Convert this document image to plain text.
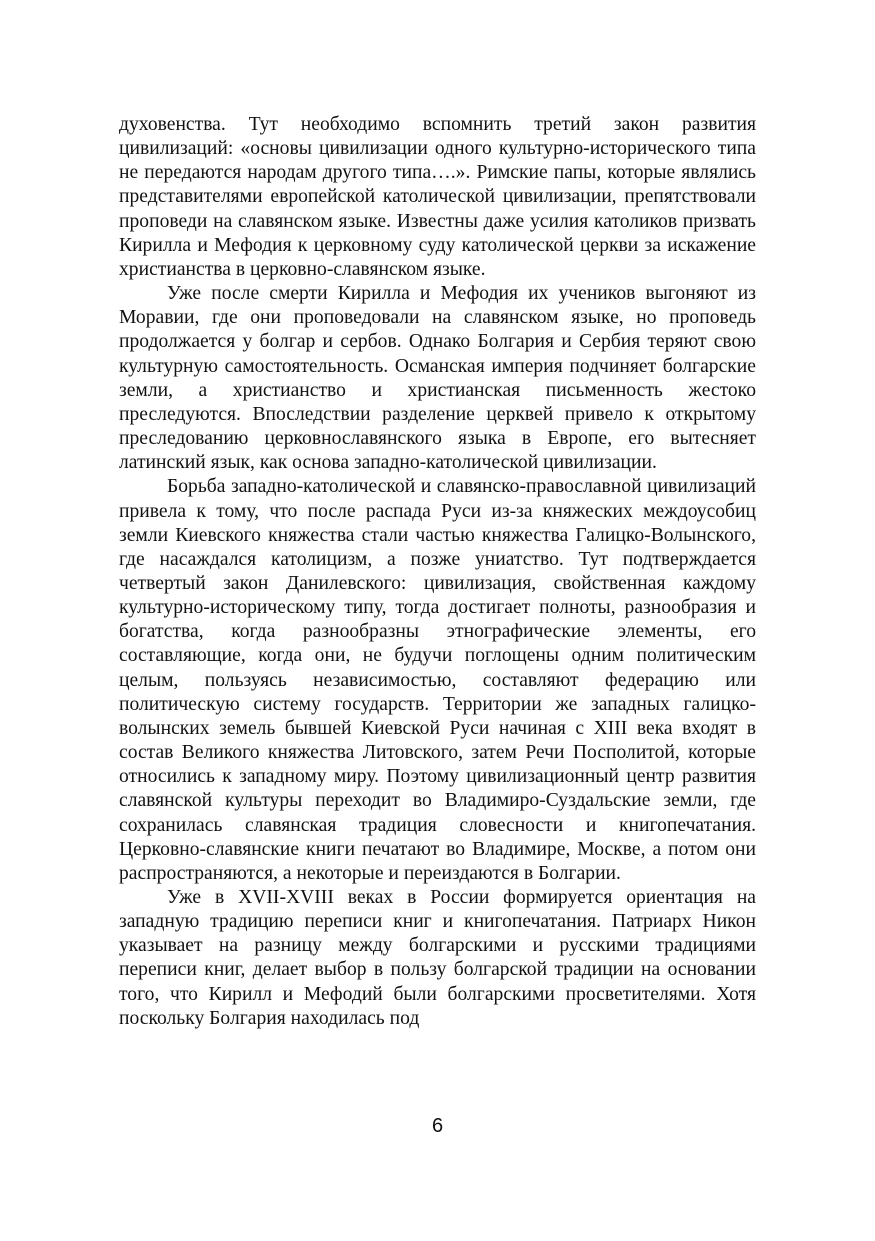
духовенства. Тут необходимо вспомнить третий закон развития цивилизаций: «основы цивилизации одного культурно-исторического типа не передаются народам другого типа….». Римские папы, которые являлись представителями европейской католической цивилизации, препятствовали проповеди на славянском языке. Известны даже усилия католиков призвать Кирилла и Мефодия к церковному суду католической церкви за искажение христианства в церковно-славянском языке.

Уже после смерти Кирилла и Мефодия их учеников выгоняют из Моравии, где они проповедовали на славянском языке, но проповедь продолжается у болгар и сербов. Однако Болгария и Сербия теряют свою культурную самостоятельность. Османская империя подчиняет болгарские земли, а христианство и христианская письменность жестоко преследуются. Впоследствии разделение церквей привело к открытому преследованию церковнославянского языка в Европе, его вытесняет латинский язык, как основа западно-католической цивилизации.

Борьба западно-католической и славянско-православной цивилизаций привела к тому, что после распада Руси из-за княжеских междоусобиц земли Киевского княжества стали частью княжества Галицко-Волынского, где насаждался католицизм, а позже униатство. Тут подтверждается четвертый закон Данилевского: цивилизация, свойственная каждому культурно-историческому типу, тогда достигает полноты, разнообразия и богатства, когда разнообразны этнографические элементы, его составляющие, когда они, не будучи поглощены одним политическим целым, пользуясь независимостью, составляют федерацию или политическую систему государств. Территории же западных галицко-волынских земель бывшей Киевской Руси начиная с XIII века входят в состав Великого княжества Литовского, затем Речи Посполитой, которые относились к западному миру. Поэтому цивилизационный центр развития славянской культуры переходит во Владимиро-Суздальские земли, где сохранилась славянская традиция словесности и книгопечатания. Церковно-славянские книги печатают во Владимире, Москве, а потом они распространяются, а некоторые и переиздаются в Болгарии.

Уже в XVII-XVIII веках в России формируется ориентация на западную традицию переписи книг и книгопечатания. Патриарх Никон указывает на разницу между болгарскими и русскими традициями переписи книг, делает выбор в пользу болгарской традиции на основании того, что Кирилл и Мефодий были болгарскими просветителями. Хотя поскольку Болгария находилась под

6
